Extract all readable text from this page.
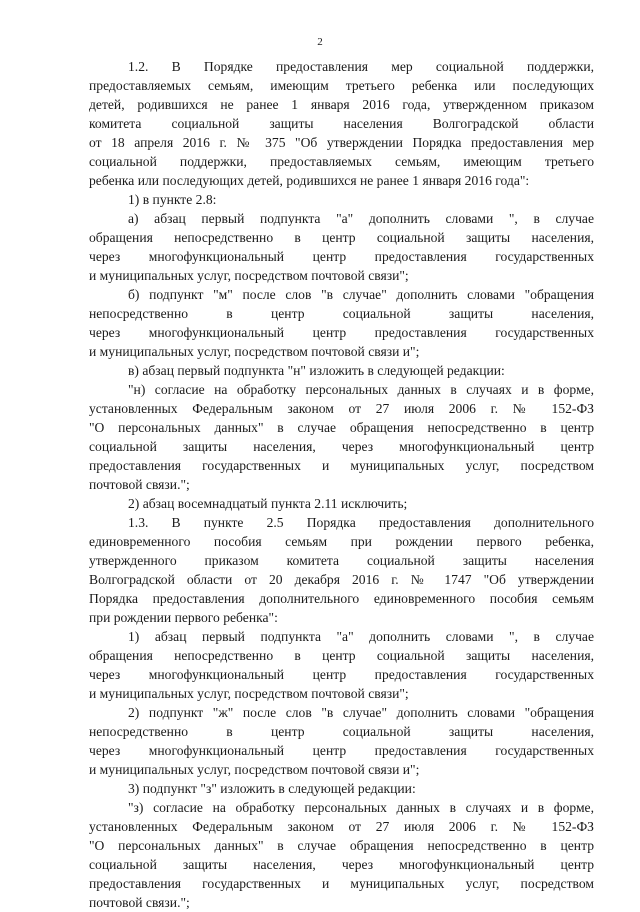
2
1.2. В Порядке предоставления мер социальной поддержки,
предоставляемых семьям, имеющим третьего ребенка или последующих
детей, родившихся не ранее 1 января 2016 года, утвержденном приказом
комитета социальной защиты населения Волгоградской области
от 18 апреля 2016 г. № 375 "Об утверждении Порядка предоставления мер
социальной поддержки, предоставляемых семьям, имеющим третьего
ребенка или последующих детей, родившихся не ранее 1 января 2016 года":
1) в пункте 2.8:
а) абзац первый подпункта "а" дополнить словами ", в случае
обращения непосредственно в центр социальной защиты населения,
через многофункциональный центр предоставления государственных
и муниципальных услуг, посредством почтовой связи";
б) подпункт "м" после слов "в случае" дополнить словами "обращения
непосредственно в центр социальной защиты населения,
через многофункциональный центр предоставления государственных
и муниципальных услуг, посредством почтовой связи и";
в) абзац первый подпункта "н" изложить в следующей редакции:
"н) согласие на обработку персональных данных в случаях и в форме,
установленных Федеральным законом от 27 июля 2006 г. № 152-ФЗ
"О персональных данных" в случае обращения непосредственно в центр
социальной защиты населения, через многофункциональный центр
предоставления государственных и муниципальных услуг, посредством
почтовой связи.";
2) абзац восемнадцатый пункта 2.11 исключить;
1.3. В пункте 2.5 Порядка предоставления дополнительного
единовременного пособия семьям при рождении первого ребенка,
утвержденного приказом комитета социальной защиты населения
Волгоградской области от 20 декабря 2016 г. № 1747 "Об утверждении
Порядка предоставления дополнительного единовременного пособия семьям
при рождении первого ребенка":
1) абзац первый подпункта "а" дополнить словами ", в случае
обращения непосредственно в центр социальной защиты населения,
через многофункциональный центр предоставления государственных
и муниципальных услуг, посредством почтовой связи";
2) подпункт "ж" после слов "в случае" дополнить словами "обращения
непосредственно в центр социальной защиты населения,
через многофункциональный центр предоставления государственных
и муниципальных услуг, посредством почтовой связи и";
3) подпункт "з" изложить в следующей редакции:
"з) согласие на обработку персональных данных в случаях и в форме,
установленных Федеральным законом от 27 июля 2006 г. № 152-ФЗ
"О персональных данных" в случае обращения непосредственно в центр
социальной защиты населения, через многофункциональный центр
предоставления государственных и муниципальных услуг, посредством
почтовой связи.";
